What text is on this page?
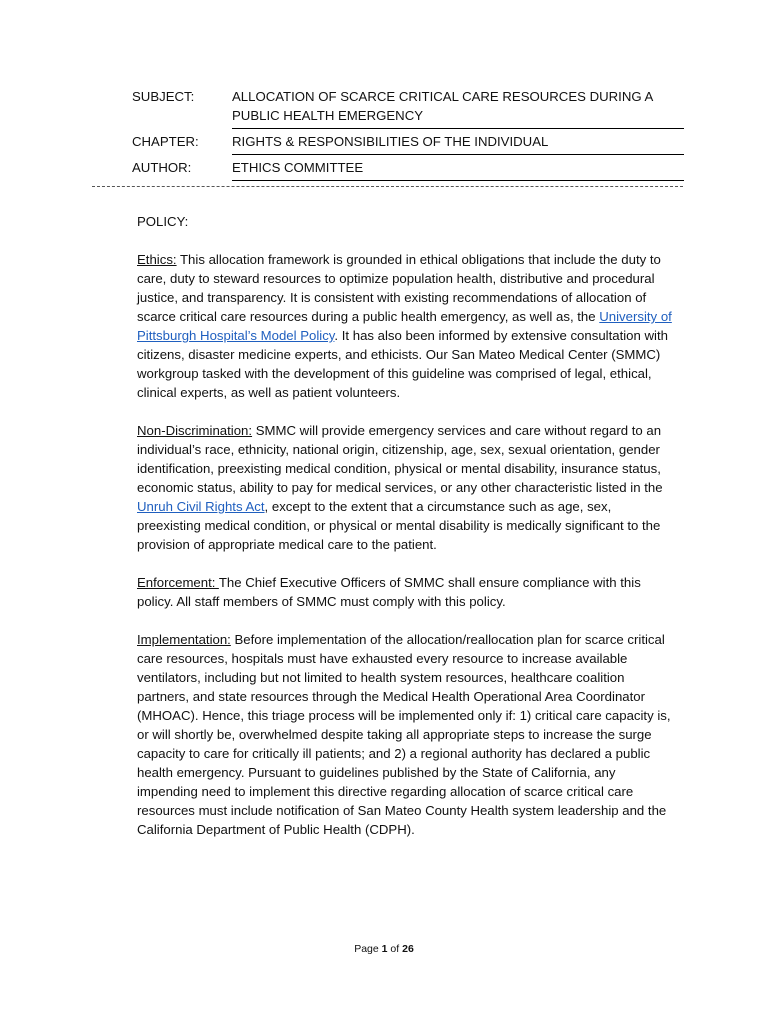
SUBJECT:	ALLOCATION OF SCARCE CRITICAL CARE RESOURCES DURING A PUBLIC HEALTH EMERGENCY
CHAPTER:	RIGHTS & RESPONSIBILITIES OF THE INDIVIDUAL
AUTHOR:	ETHICS COMMITTEE

POLICY:

Ethics: This allocation framework is grounded in ethical obligations that include the duty to care, duty to steward resources to optimize population health, distributive and procedural justice, and transparency. It is consistent with existing recommendations of allocation of scarce critical care resources during a public health emergency, as well as, the University of Pittsburgh Hospital’s Model Policy. It has also been informed by extensive consultation with citizens, disaster medicine experts, and ethicists. Our San Mateo Medical Center (SMMC) workgroup tasked with the development of this guideline was comprised of legal, ethical, clinical experts, as well as patient volunteers.

Non-Discrimination: SMMC will provide emergency services and care without regard to an individual’s race, ethnicity, national origin, citizenship, age, sex, sexual orientation, gender identification, preexisting medical condition, physical or mental disability, insurance status, economic status, ability to pay for medical services, or any other characteristic listed in the Unruh Civil Rights Act, except to the extent that a circumstance such as age, sex, preexisting medical condition, or physical or mental disability is medically significant to the provision of appropriate medical care to the patient.

Enforcement: The Chief Executive Officers of SMMC shall ensure compliance with this policy. All staff members of SMMC must comply with this policy.

Implementation: Before implementation of the allocation/reallocation plan for scarce critical care resources, hospitals must have exhausted every resource to increase available ventilators, including but not limited to health system resources, healthcare coalition partners, and state resources through the Medical Health Operational Area Coordinator (MHOAC). Hence, this triage process will be implemented only if: 1) critical care capacity is, or will shortly be, overwhelmed despite taking all appropriate steps to increase the surge capacity to care for critically ill patients; and 2) a regional authority has declared a public health emergency. Pursuant to guidelines published by the State of California, any impending need to implement this directive regarding allocation of scarce critical care resources must include notification of San Mateo County Health system leadership and the California Department of Public Health (CDPH).

Page 1 of 26
